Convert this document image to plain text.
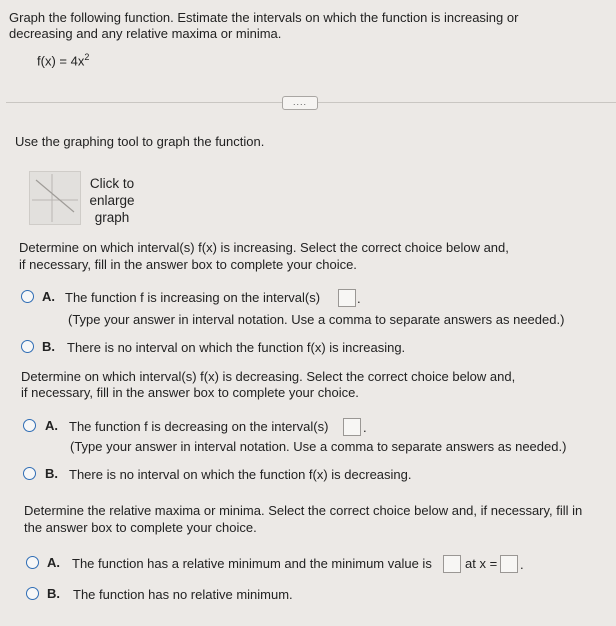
Graph the following function. Estimate the intervals on which the function is increasing or
decreasing and any relative maxima or minima.
$f(x) = 4x^2$
....
Use the graphing tool to graph the function.
Click to
enlarge
graph
Determine on which interval(s) f(x) is increasing. Select the correct choice below and,
if necessary, fill in the answer box to complete your choice.
A. The function f is increasing on the interval(s)	.
(Type your answer in interval notation. Use a comma to separate answers as needed.)
B. There is no interval on which the function f(x) is increasing.
Determine on which interval(s) f(x) is decreasing. Select the correct choice below and,
if necessary, fill in the answer box to complete your choice.
A. The function f is decreasing on the interval(s)	.
(Type your answer in interval notation. Use a comma to separate answers as needed.)
B. There is no interval on which the function f(x) is decreasing.
Determine the relative maxima or minima. Select the correct choice below and, if necessary, fill in
the answer box to complete your choice.
A. The function has a relative minimum and the minimum value is	at x = .
B. The function has no relative minimum.
